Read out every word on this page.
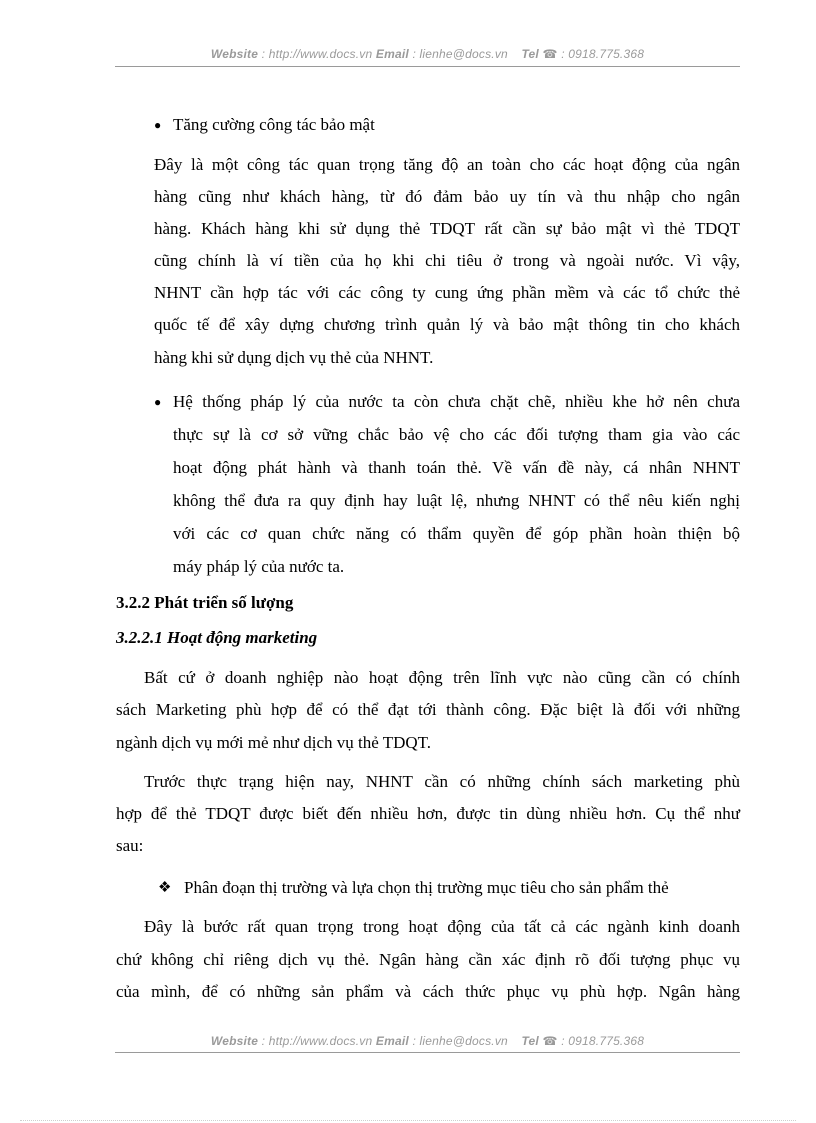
Website : http://www.docs.vn Email : lienhe@docs.vn Tel ☎ : 0918.775.368
● Tăng cường công tác bảo mật
Đây là một công tác quan trọng tăng độ an toàn cho các hoạt động của ngân
hàng cũng như khách hàng, từ đó đảm bảo uy tín và thu nhập cho ngân
hàng. Khách hàng khi sử dụng thẻ TDQT rất cần sự bảo mật vì thẻ TDQT
cũng chính là ví tiền của họ khi chi tiêu ở trong và ngoài nước. Vì vậy,
NHNT cần hợp tác với các công ty cung ứng phần mềm và các tổ chức thẻ
quốc tế để xây dựng chương trình quản lý và bảo mật thông tin cho khách
hàng khi sử dụng dịch vụ thẻ của NHNT.
● Hệ thống pháp lý của nước ta còn chưa chặt chẽ, nhiều khe hở nên chưa
thực sự là cơ sở vững chắc bảo vệ cho các đối tượng tham gia vào các
hoạt động phát hành và thanh toán thẻ. Về vấn đề này, cá nhân NHNT
không thể đưa ra quy định hay luật lệ, nhưng NHNT có thể nêu kiến nghị
với các cơ quan chức năng có thẩm quyền để góp phần hoàn thiện bộ
máy pháp lý của nước ta.
3.2.2 Phát triển số lượng
3.2.2.1 Hoạt động marketing
Bất cứ ở doanh nghiệp nào hoạt động trên lĩnh vực nào cũng cần có chính
sách Marketing phù hợp để có thể đạt tới thành công. Đặc biệt là đối với những
ngành dịch vụ mới mẻ như dịch vụ thẻ TDQT.
Trước thực trạng hiện nay, NHNT cần có những chính sách marketing phù
hợp để thẻ TDQT được biết đến nhiều hơn, được tin dùng nhiều hơn. Cụ thể như
sau:
❖ Phân đoạn thị trường và lựa chọn thị trường mục tiêu cho sản phẩm thẻ
Đây là bước rất quan trọng trong hoạt động của tất cả các ngành kinh doanh
chứ không chỉ riêng dịch vụ thẻ. Ngân hàng cần xác định rõ đối tượng phục vụ
của mình, để có những sản phẩm và cách thức phục vụ phù hợp. Ngân hàng
Website : http://www.docs.vn Email : lienhe@docs.vn Tel ☎ : 0918.775.368
